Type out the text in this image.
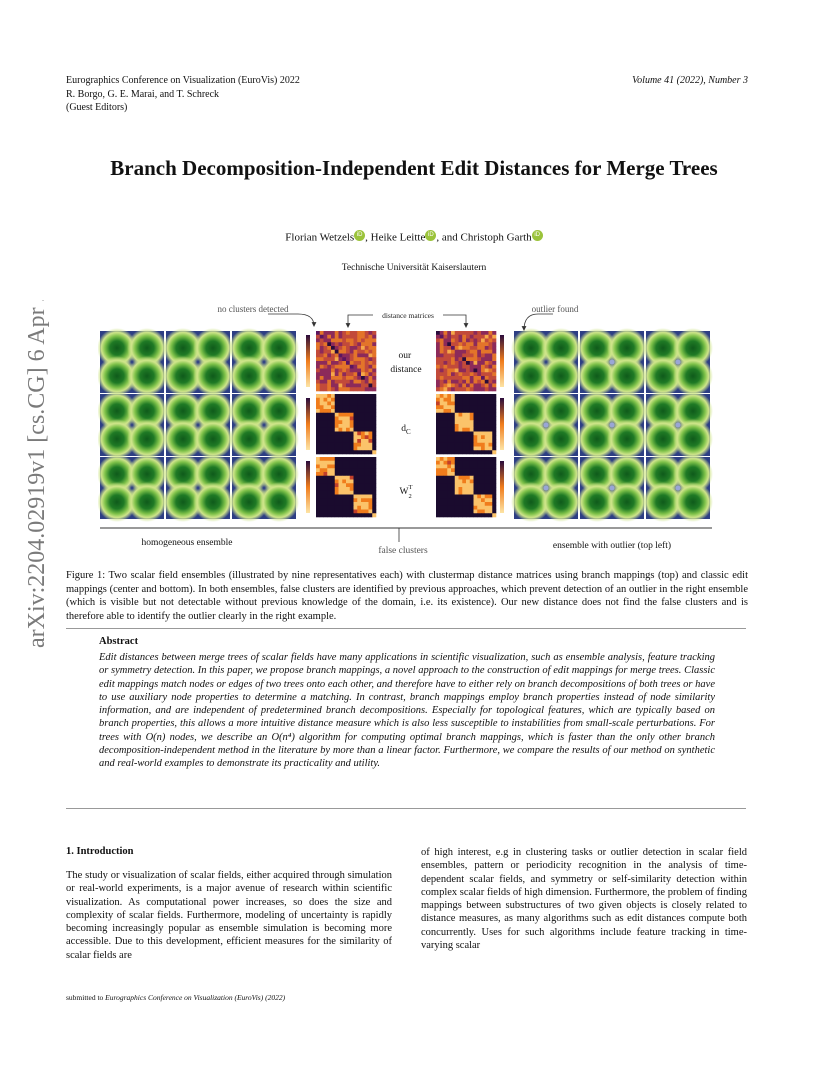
Eurographics Conference on Visualization (EuroVis) 2022
R. Borgo, G. E. Marai, and T. Schreck
(Guest Editors)
Volume 41 (2022), Number 3
arXiv:2204.02919v1 [cs.CG] 6 Apr 2022
Branch Decomposition-Independent Edit Distances for Merge Trees
Florian Wetzels iD , Heike Leitte iD , and Christoph Garth iD
Technische Universität Kaiserslautern
no clusters detected
distance matrices
outlier found
our distance
$d_C$
$W^T$ 2
homogeneous ensemble
false clusters	ensemble with outlier (top left)
Figure 1: Two scalar field ensembles (illustrated by nine representatives each) with clustermap distance matrices using branch mappings (top) and classic edit mappings (center and bottom). In both ensembles, false clusters are identified by previous approaches, which prevent detection of an outlier in the right ensemble (which is visible but not detectable without previous knowledge of the domain, i.e. its existence). Our new distance does not find the false clusters and is therefore able to identify the outlier clearly in the right example.
Abstract
Edit distances between merge trees of scalar fields have many applications in scientific visualization, such as ensemble analysis, feature tracking or symmetry detection. In this paper, we propose branch mappings, a novel approach to the construction of edit mappings for merge trees. Classic edit mappings match nodes or edges of two trees onto each other, and therefore have to either rely on branch decompositions of both trees or have to use auxiliary node properties to determine a matching. In contrast, branch mappings employ branch properties instead of node similarity information, and are independent of predetermined branch decompositions. Especially for topological features, which are typically based on branch properties, this allows a more intuitive distance measure which is also less susceptible to instabilities from small-scale perturbations. For trees with O(n) nodes, we describe an O(n⁴) algorithm for computing optimal branch mappings, which is faster than the only other branch decomposition-independent method in the literature by more than a linear factor. Furthermore, we compare the results of our method on synthetic and real-world examples to demonstrate its practicality and utility.
1. Introduction
The study or visualization of scalar fields, either acquired through simulation or real-world experiments, is a major avenue of research within scientific visualization. As computational power increases, so does the size and complexity of scalar fields. Furthermore, modeling of uncertainty is rapidly becoming increasingly popular as ensemble simulation is becoming more accessible. Due to this development, efficient measures for the similarity of scalar fields are
of high interest, e.g in clustering tasks or outlier detection in scalar field ensembles, pattern or periodicity recognition in the analysis of time-dependent scalar fields, and symmetry or self-similarity detection within complex scalar fields of high dimension. Furthermore, the problem of finding mappings between substructures of two given objects is closely related to distance measures, as many algorithms such as edit distances compute both concurrently. Uses for such algorithms include feature tracking in time-varying scalar
submitted to Eurographics Conference on Visualization (EuroVis) (2022)
